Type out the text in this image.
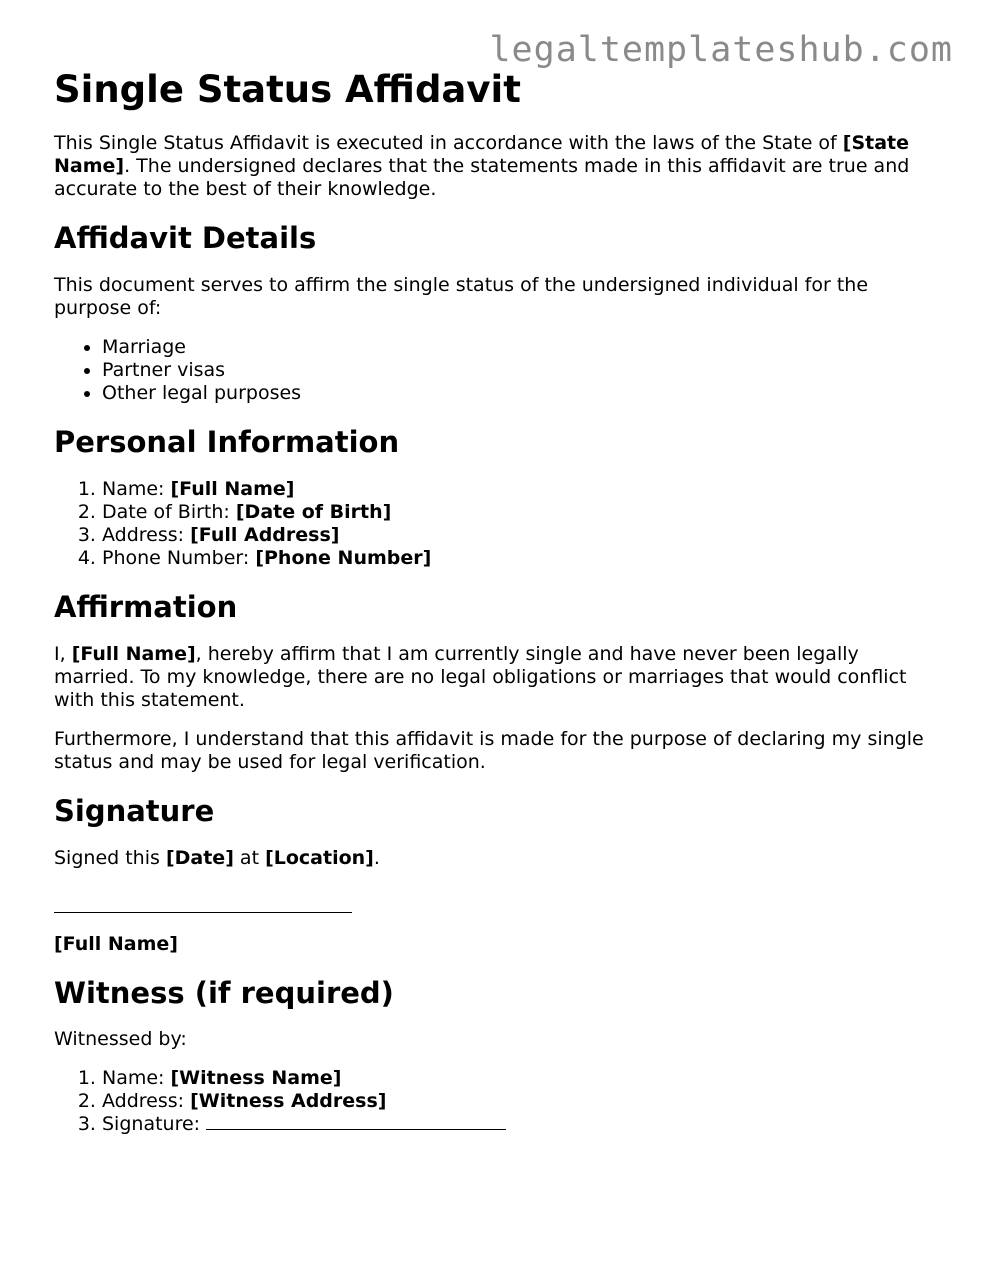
legaltemplateshub.com
Single Status Affidavit

This Single Status Affidavit is executed in accordance with the laws of the State of [State Name]. The undersigned declares that the statements made in this affidavit are true and accurate to the best of their knowledge.

Affidavit Details

This document serves to affirm the single status of the undersigned individual for the purpose of:

• Marriage
• Partner visas
• Other legal purposes
Personal Information
1. Name: [Full Name]
2. Date of Birth: [Date of Birth]
3. Address: [Full Address]
4. Phone Number: [Phone Number]
Affirmation

I, [Full Name], hereby affirm that I am currently single and have never been legally married. To my knowledge, there are no legal obligations or marriages that would conflict with this statement.

Furthermore, I understand that this affidavit is made for the purpose of declaring my single status and may be used for legal verification.

Signature

Signed this [Date] at [Location].

[Full Name]

Witness (if required)

Witnessed by:

1. Name: [Witness Name]
2. Address: [Witness Address]
3. Signature:
